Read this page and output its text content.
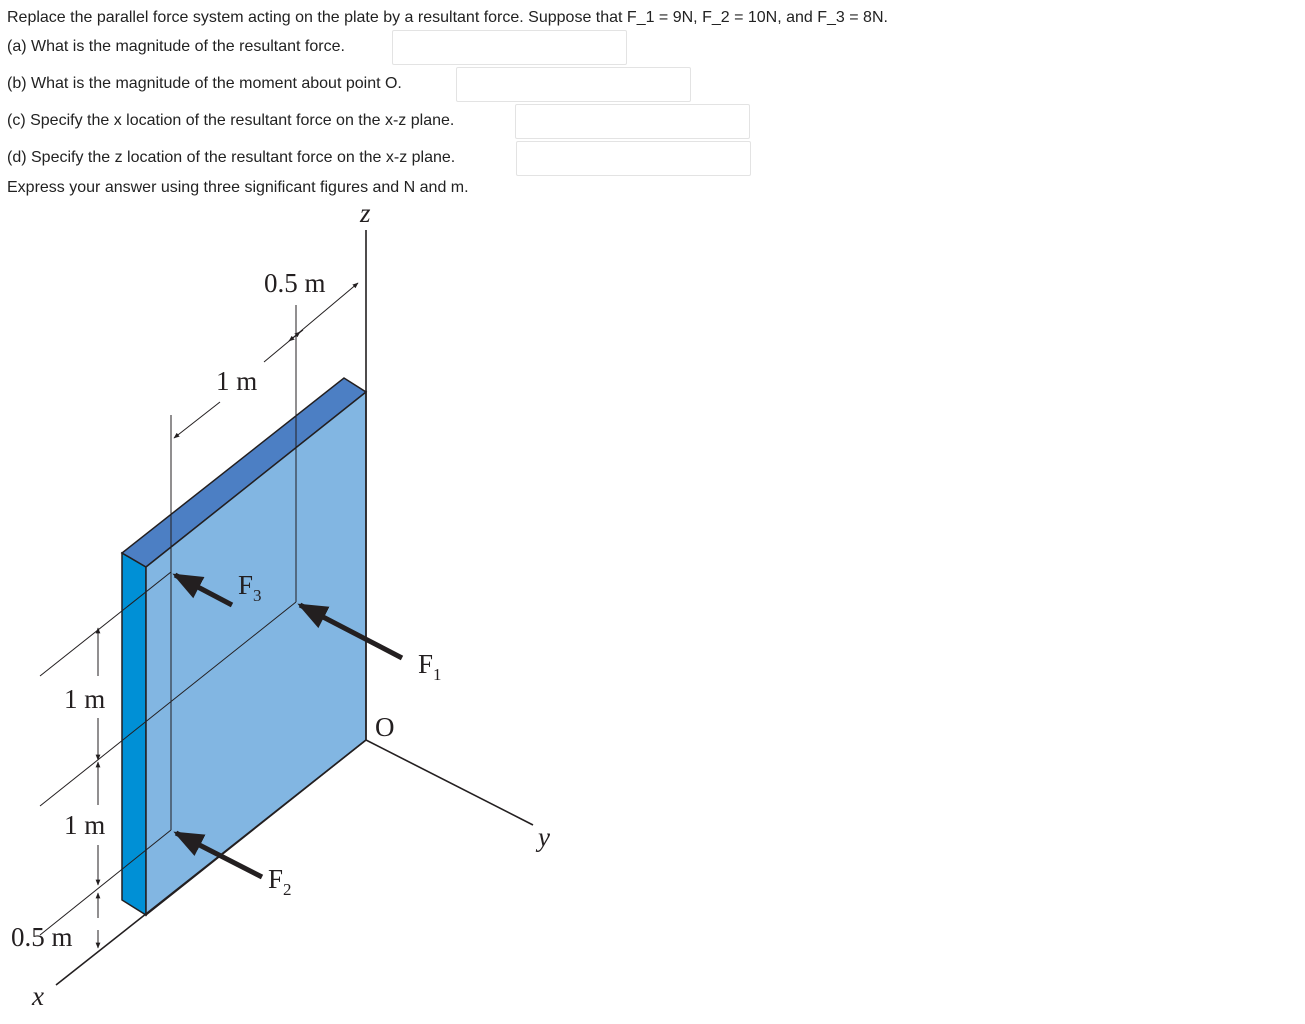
Replace the parallel force system acting on the plate by a resultant force. Suppose that F_1 = 9N, F_2 = 10N, and F_3 = 8N.
(a) What is the magnitude of the resultant force.
(b) What is the magnitude of the moment about point O.
(c) Specify the x location of the resultant force on the x-z plane.
(d) Specify the z location of the resultant force on the x-z plane.
Express your answer using three significant figures and N and m.
z
y
x
O
0.5 m
1 m
1 m
1 m
0.5 m
$F_1$
$F_2$
$F_3$
